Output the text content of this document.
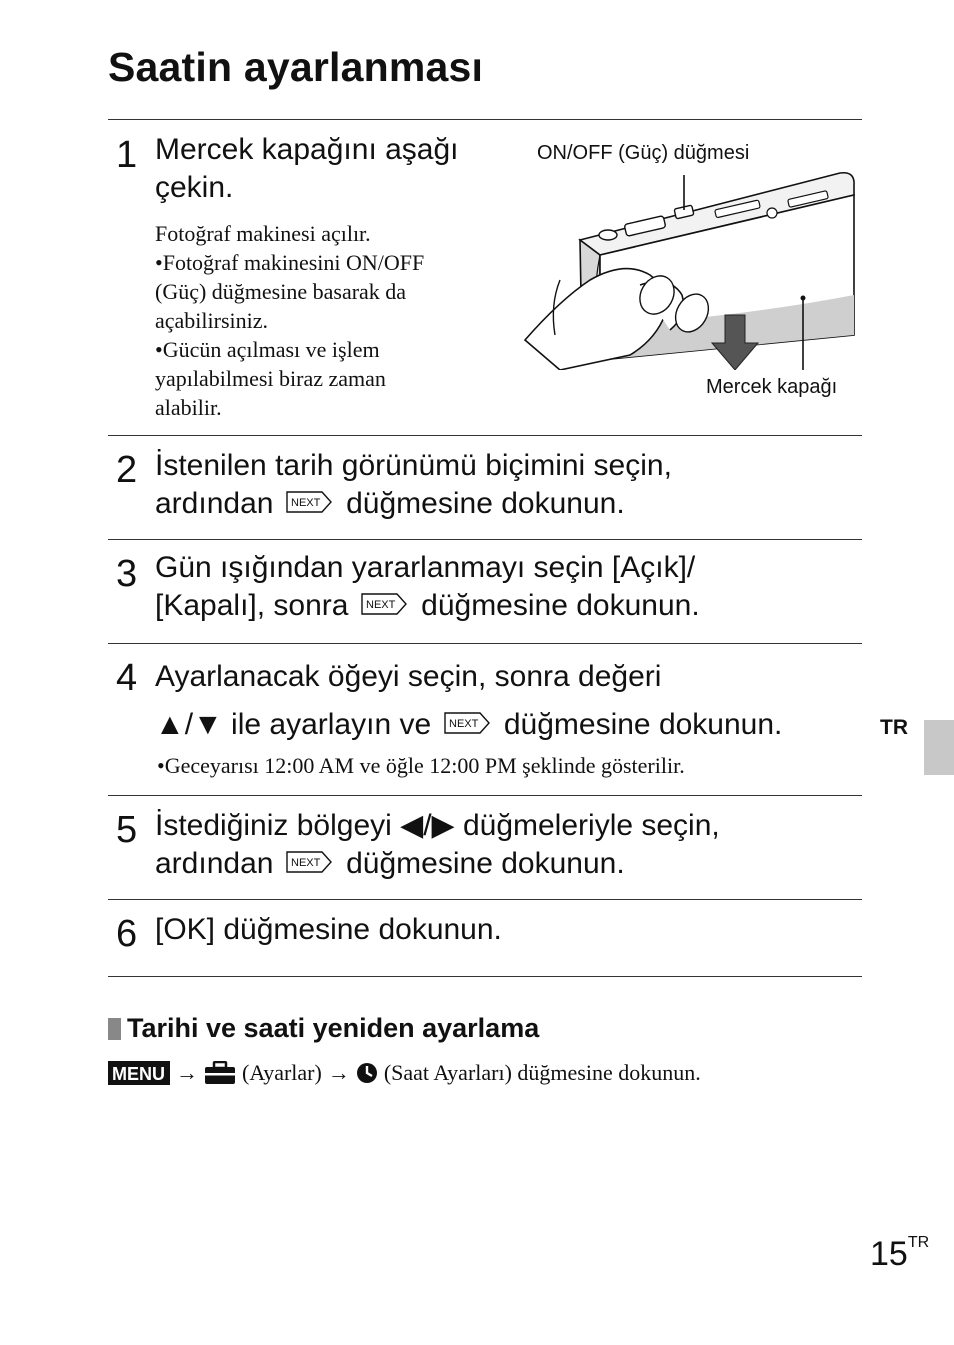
Saatin ayarlanması
1 Mercek kapağını aşağı
çekin.
Fotoğraf makinesi açılır.
•Fotoğraf makinesini ON/OFF
(Güç) düğmesine basarak da
açabilirsiniz.
•Gücün açılması ve işlem
yapılabilmesi biraz zaman
alabilir.
ON/OFF (Güç) düğmesi
Mercek kapağı
2 İstenilen tarih görünümü biçimini seçin,
ardından NEXT düğmesine dokunun.
3 Gün ışığından yararlanmayı seçin [Açık]/
[Kapalı], sonra NEXT düğmesine dokunun.
4 Ayarlanacak öğeyi seçin, sonra değeri
▲/▼ ile ayarlayın ve NEXT düğmesine dokunun.
•Geceyarısı 12:00 AM ve öğle 12:00 PM şeklinde gösterilir.
5 İstediğiniz bölgeyi ◀/▶ düğmeleriyle seçin,
ardından NEXT düğmesine dokunun.
6 [OK] düğmesine dokunun.
Tarihi ve saati yeniden ayarlama
MENU → (Ayarlar) → (Saat Ayarları) düğmesine dokunun.
TR
$15^{TR}$
